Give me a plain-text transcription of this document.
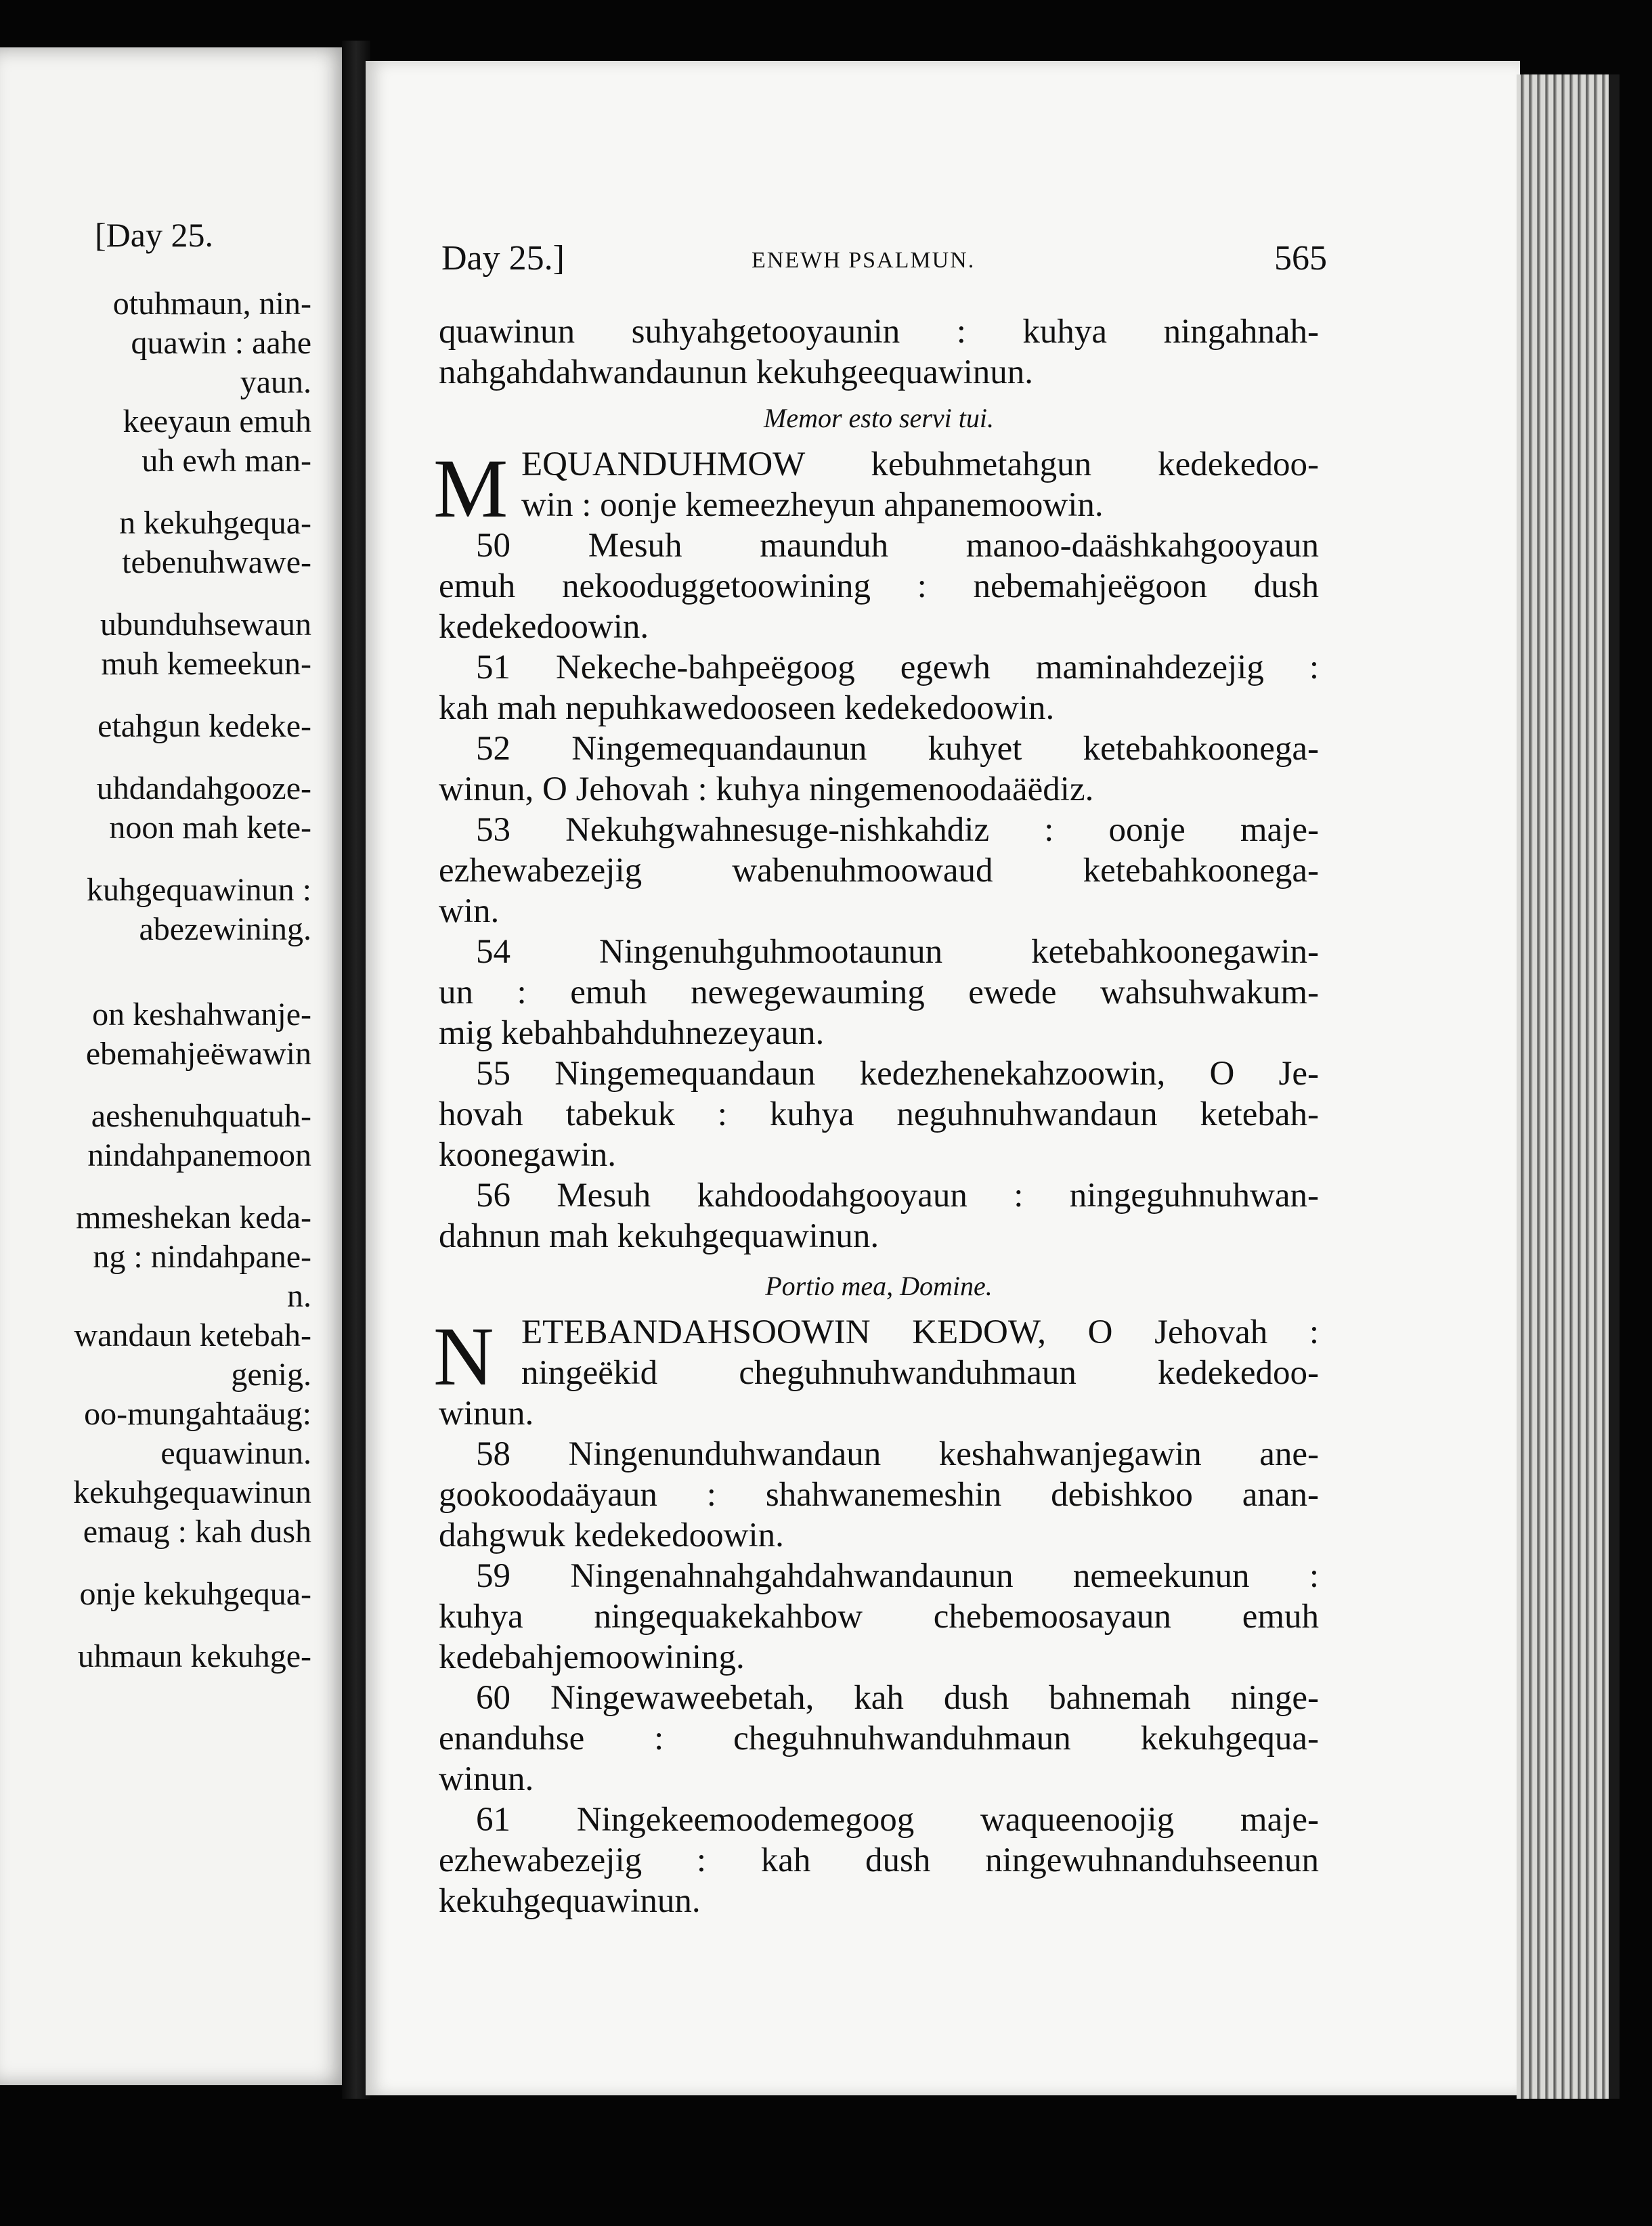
[Day 25.
otuhmaun, nin-
quawin : aahe
yaun.
keeyaun emuh
uh ewh man-
n kekuhgequa-
tebenuhwawe-
ubunduhsewaun
muh kemeekun-
etahgun kedeke-
uhdandahgooze-
noon mah kete-
kuhgequawinun :
abezewining.
on keshahwanje-
ebemahjeëwawin
aeshenuhquatuh-
nindahpanemoon
mmeshekan keda-
ng : nindahpane-
n.
wandaun ketebah-
genig.
oo-mungahtaäug:
equawinun.
kekuhgequawinun
emaug : kah dush
onje kekuhgequa-
uhmaun kekuhge-
Day 25.]	ENEWH PSALMUN.	565
quawinun suhyahgetooyaunin : kuhya ningahnah-
nahgahdahwandaunun kekuhgeequawinun.
Memor esto servi tui.
M EQUANDUHMOW kebuhmetahgun kedekedoo-
win : oonje kemeezheyun ahpanemoowin.
50 Mesuh maunduh manoo-daäshkahgooyaun
emuh nekooduggetoowining : nebemahjeëgoon dush
kedekedoowin.
51 Nekeche-bahpeëgoog egewh maminahdezejig :
kah mah nepuhkawedooseen kedekedoowin.
52 Ningemequandaunun kuhyet ketebahkoonega-
winun, O Jehovah : kuhya ningemenoodaäëdiz.
53 Nekuhgwahnesuge-nishkahdiz : oonje maje-
ezhewabezejig wabenuhmoowaud ketebahkoonega-
win.
54 Ningenuhguhmootaunun ketebahkoonegawin-
un : emuh newegewauming ewede wahsuhwakum-
mig kebahbahduhnezeyaun.
55 Ningemequandaun kedezhenekahzoowin, O Je-
hovah tabekuk : kuhya neguhnuhwandaun ketebah-
koonegawin.
56 Mesuh kahdoodahgooyaun : ningeguhnuhwan-
dahnun mah kekuhgequawinun.
Portio mea, Domine.
N ETEBANDAHSOOWIN KEDOW, O Jehovah :
ningeëkid cheguhnuhwanduhmaun kedekedoo-
winun.
58 Ningenunduhwandaun keshahwanjegawin ane-
gookoodaäyaun : shahwanemeshin debishkoo anan-
dahgwuk kedekedoowin.
59 Ningenahnahgahdahwandaunun nemeekunun :
kuhya ningequakekahbow chebemoosayaun emuh
kedebahjemoowining.
60 Ningewaweebetah, kah dush bahnemah ninge-
enanduhse : cheguhnuhwanduhmaun kekuhgequa-
winun.
61 Ningekeemoodemegoog waqueenoojig maje-
ezhewabezejig : kah dush ningewuhnanduhseenun
kekuhgequawinun.
